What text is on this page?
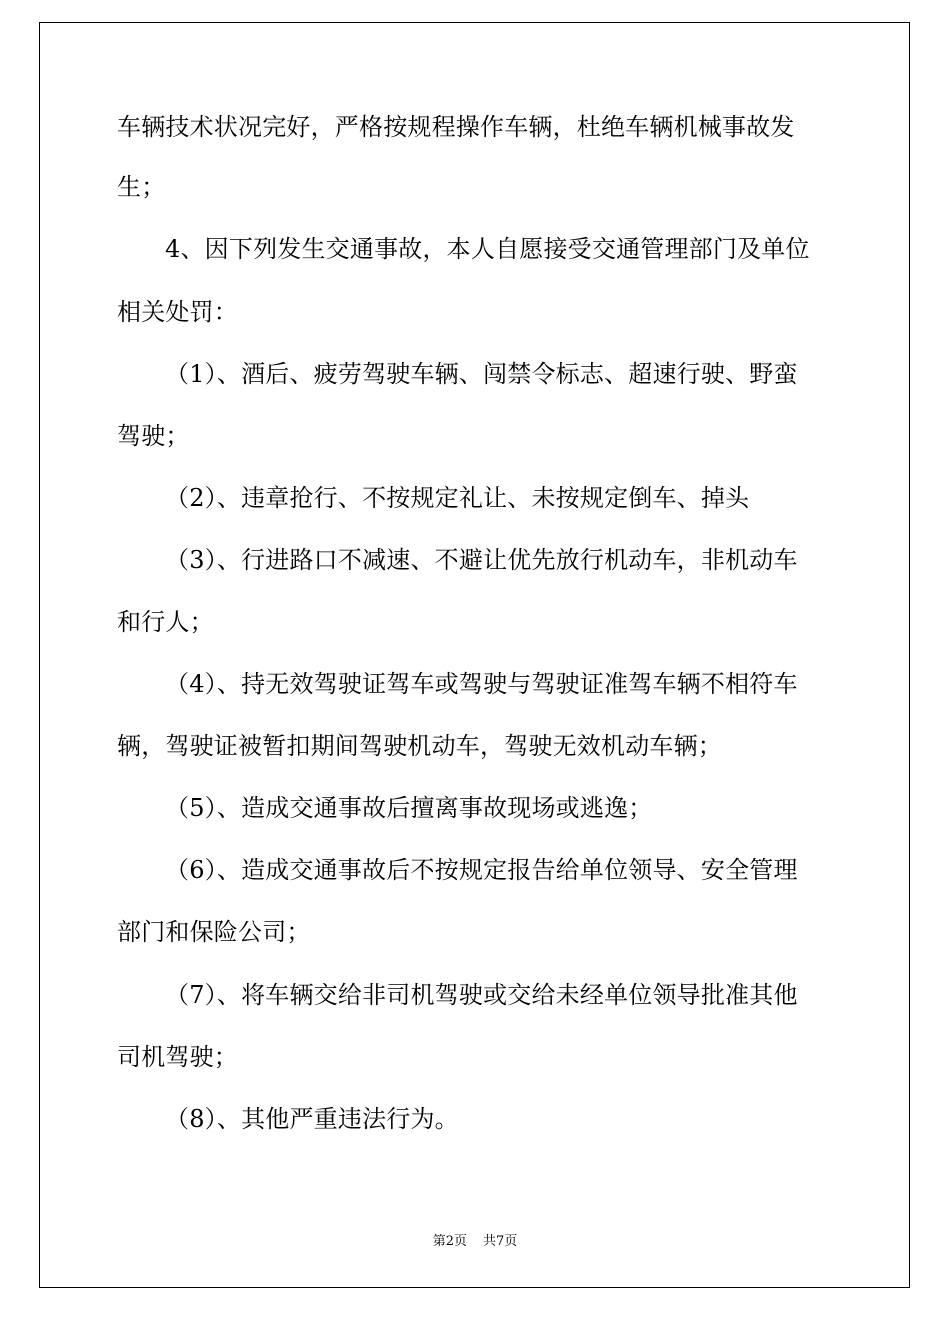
车辆技术状况完好，严格按规程操作车辆，杜绝车辆机械事故发
生；
4、因下列发生交通事故，本人自愿接受交通管理部门及单位
相关处罚：
（1）、酒后、疲劳驾驶车辆、闯禁令标志、超速行驶、野蛮
驾驶；
（2）、违章抢行、不按规定礼让、未按规定倒车、掉头
（3）、行进路口不减速、不避让优先放行机动车，非机动车
和行人；
（4）、持无效驾驶证驾车或驾驶与驾驶证准驾车辆不相符车
辆，驾驶证被暂扣期间驾驶机动车，驾驶无效机动车辆；
（5）、造成交通事故后擅离事故现场或逃逸；
（6）、造成交通事故后不按规定报告给单位领导、安全管理
部门和保险公司；
（7）、将车辆交给非司机驾驶或交给未经单位领导批准其他
司机驾驶；
（8）、其他严重违法行为。
第2页 共7页
